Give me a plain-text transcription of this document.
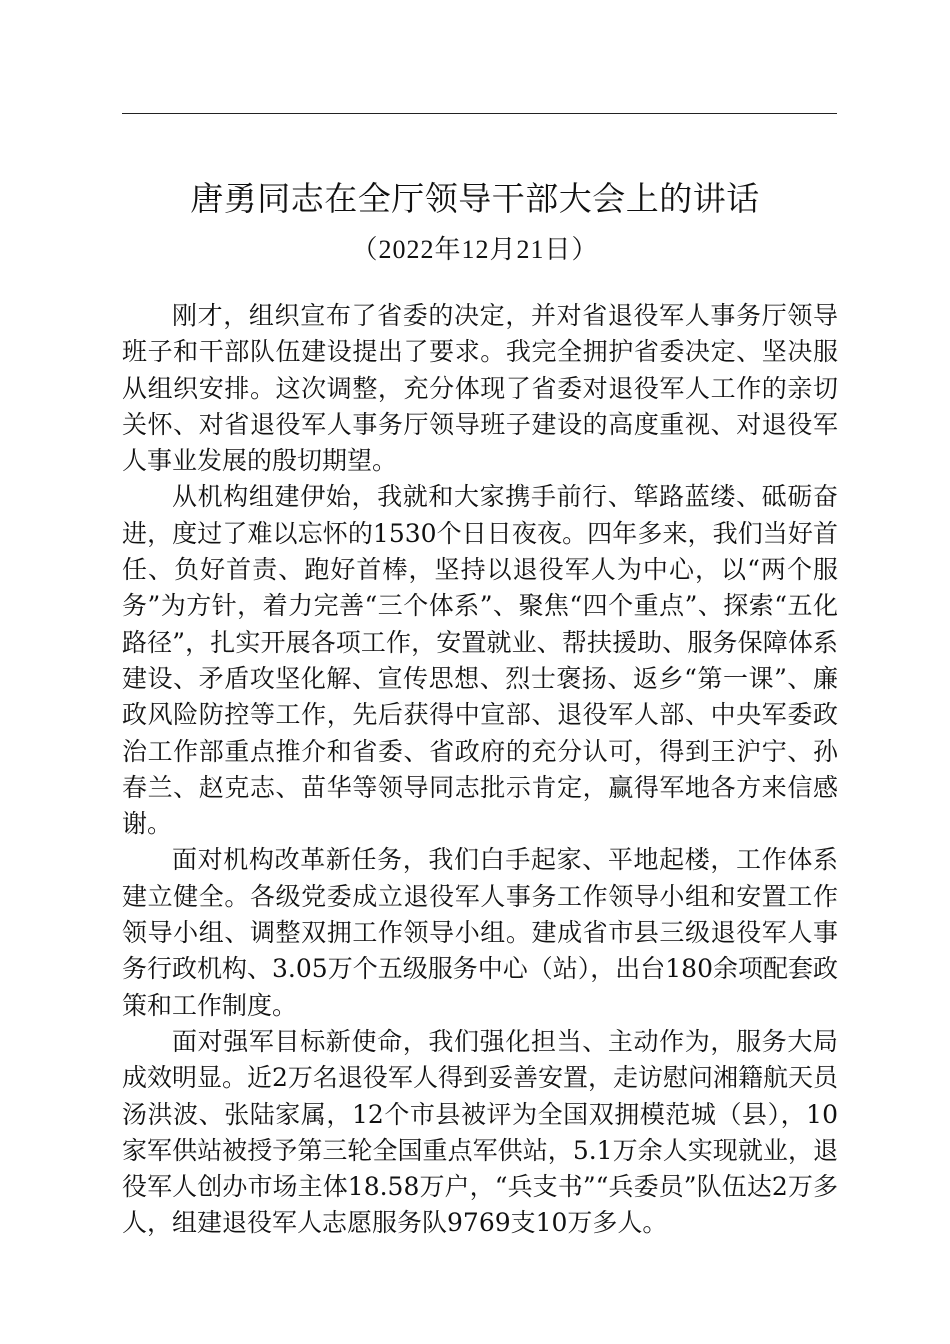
唐勇同志在全厅领导干部大会上的讲话
（2022年12月21日）

刚才，组织宣布了省委的决定，并对省退役军人事务厅领导班子和干部队伍建设提出了要求。我完全拥护省委决定、坚决服从组织安排。这次调整，充分体现了省委对退役军人工作的亲切关怀、对省退役军人事务厅领导班子建设的高度重视、对退役军人事业发展的殷切期望。

从机构组建伊始，我就和大家携手前行、筚路蓝缕、砥砺奋进，度过了难以忘怀的1530个日日夜夜。四年多来，我们当好首任、负好首责、跑好首棒，坚持以退役军人为中心，以“两个服务”为方针，着力完善“三个体系”、聚焦“四个重点”、探索“五化路径”，扎实开展各项工作，安置就业、帮扶援助、服务保障体系建设、矛盾攻坚化解、宣传思想、烈士褒扬、返乡“第一课”、廉政风险防控等工作，先后获得中宣部、退役军人部、中央军委政治工作部重点推介和省委、省政府的充分认可，得到王沪宁、孙春兰、赵克志、苗华等领导同志批示肯定，赢得军地各方来信感谢。

面对机构改革新任务，我们白手起家、平地起楼，工作体系建立健全。各级党委成立退役军人事务工作领导小组和安置工作领导小组、调整双拥工作领导小组。建成省市县三级退役军人事务行政机构、3.05万个五级服务中心（站），出台180余项配套政策和工作制度。

面对强军目标新使命，我们强化担当、主动作为，服务大局成效明显。近2万名退役军人得到妥善安置，走访慰问湘籍航天员汤洪波、张陆家属，12个市县被评为全国双拥模范城（县），10家军供站被授予第三轮全国重点军供站，5.1万余人实现就业，退役军人创办市场主体18.58万户，“兵支书”“兵委员”队伍达2万多人，组建退役军人志愿服务队9769支10万多人。
